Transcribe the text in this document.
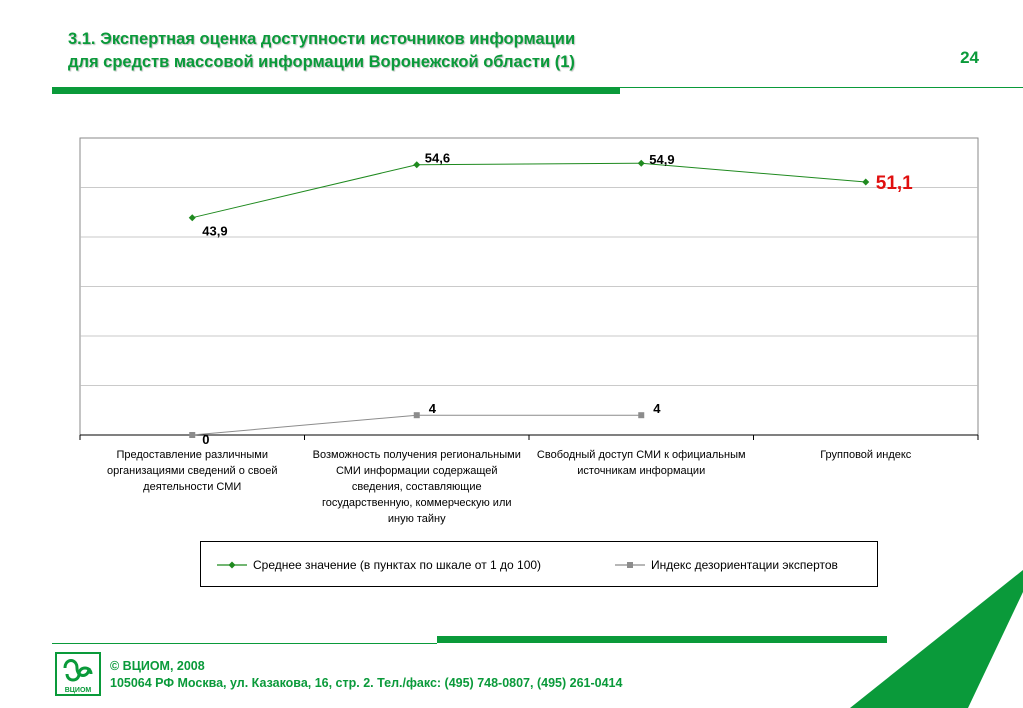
3.1. Экспертная оценка доступности источников информации
для средств массовой информации Воронежской области (1)	24
43,9
54,6	54,9
51,1
0
4	4
Предоставление различными организациями сведений о своей деятельности СМИ
Возможность получения региональными СМИ информации содержащей сведения, составляющие государственную, коммерческую или иную тайну
Свободный доступ СМИ к официальным источникам информации
Групповой индекс
Среднее значение (в пунктах по шкале от 1 до 100)	Индекс дезориентации экспертов
ВЦИОМ
© ВЦИОМ, 2008
105064 РФ Москва, ул. Казакова, 16, стр. 2. Тел./факс: (495) 748-0807, (495) 261-0414
